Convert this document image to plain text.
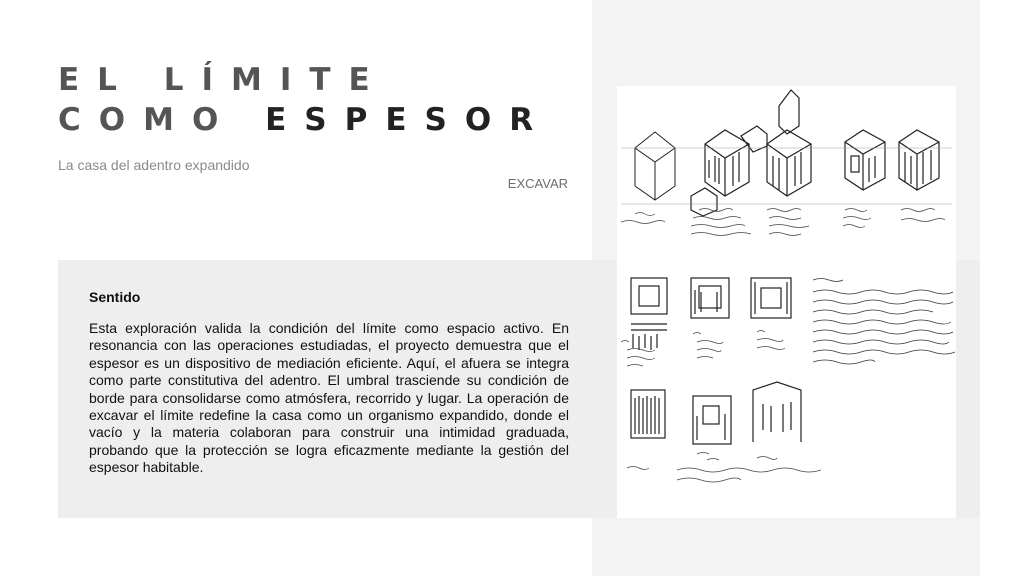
EL LÍMITE
COMO ESPESOR
La casa del adentro expandido
EXCAVAR
Sentido

Esta exploración valida la condición del límite como espacio activo. En resonancia con las operaciones estudiadas, el proyecto demuestra que el espesor es un dispositivo de mediación eficiente. Aquí, el afuera se integra como parte constitutiva del adentro. El umbral trasciende su condición de borde para consolidarse como atmósfera, recorrido y lugar. La operación de excavar el límite redefine la casa como un organismo expandido, donde el vacío y la materia colaboran para construir una intimidad graduada, probando que la protección se logra eficazmente mediante la gestión del espesor habitable.
